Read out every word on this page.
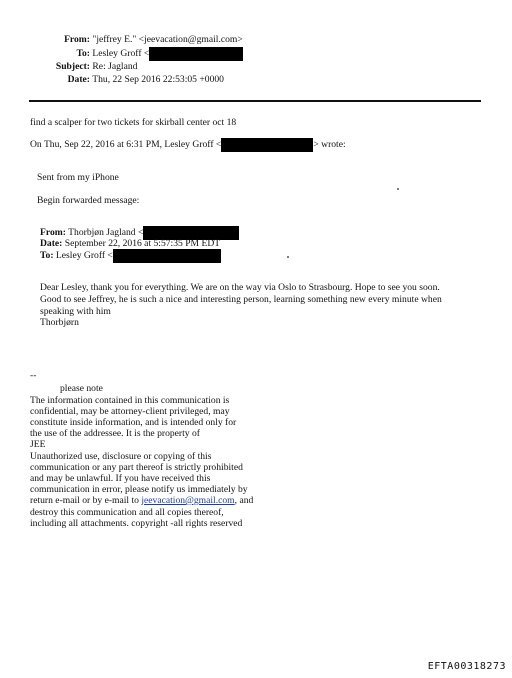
From: "jeffrey E." <jeevacation@gmail.com>
To: Lesley Groff <
Subject: Re: Jagland
Date: Thu, 22 Sep 2016 22:53:05 +0000
find a scalper for two tickets for skirball center oct 18
On Thu, Sep 22, 2016 at 6:31 PM, Lesley Groff <	> wrote:
Sent from my iPhone
Begin forwarded message:
From: Thorbjøn Jagland <
Date: September 22, 2016 at 5:57:35 PM EDT
To: Lesley Groff <
Dear Lesley, thank you for everything. We are on the way via Oslo to Strasbourg. Hope to see you soon.
Good to see Jeffrey, he is such a nice and interesting person, learning something new every minute when
speaking with him
Thorbjørn
--
please note
The information contained in this communication is
confidential, may be attorney-client privileged, may
constitute inside information, and is intended only for
the use of the addressee. It is the property of
JEE
Unauthorized use, disclosure or copying of this
communication or any part thereof is strictly prohibited
and may be unlawful. If you have received this
communication in error, please notify us immediately by
return e-mail or by e-mail to jeevacation@gmail.com, and
destroy this communication and all copies thereof,
including all attachments. copyright -all rights reserved
EFTA00318273
